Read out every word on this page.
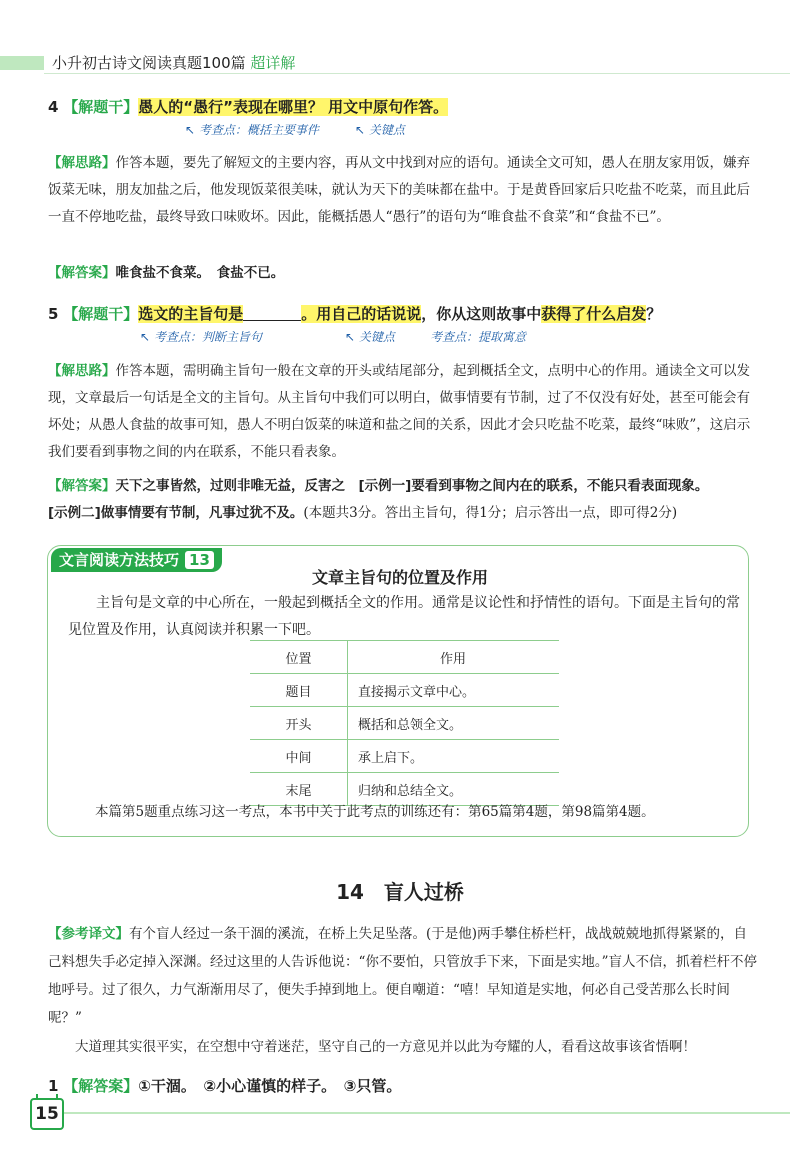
小升初古诗文阅读真题100篇 超详解
4 【解题干】愚人的“愚行”表现在哪里？ 用文中原句作答。
↖ 考查点：概括主要事件	↖ 关键点
【解思路】作答本题，要先了解短文的主要内容，再从文中找到对应的语句。通读全文可知，愚人在朋友家用饭，嫌弃饭菜无味，朋友加盐之后，他发现饭菜很美味，就认为天下的美味都在盐中。于是黄昏回家后只吃盐不吃菜，而且此后一直不停地吃盐，最终导致口味败坏。因此，能概括愚人“愚行”的语句为“唯食盐不食菜”和“食盐不已”。
【解答案】唯食盐不食菜。　食盐不已。
5 【解题干】选文的主旨句是	。用自己的话说说，你从这则故事中获得了什么启发？
↖ 考查点：判断主旨句	↖ 关键点	考查点：提取寓意
【解思路】作答本题，需明确主旨句一般在文章的开头或结尾部分，起到概括全文，点明中心的作用。通读全文可以发现，文章最后一句话是全文的主旨句。从主旨句中我们可以明白，做事情要有节制，过了不仅没有好处，甚至可能会有坏处；从愚人食盐的故事可知，愚人不明白饭菜的味道和盐之间的关系，因此才会只吃盐不吃菜，最终“味败”，这启示我们要看到事物之间的内在联系，不能只看表象。
【解答案】天下之事皆然，过则非唯无益，反害之　[示例一]要看到事物之间内在的联系，不能只看表面现象。
[示例二]做事情要有节制，凡事过犹不及。(本题共3分。答出主旨句，得1分；启示答出一点，即可得2分)
文言阅读方法技巧 13
文章主旨句的位置及作用
主旨句是文章的中心所在，一般起到概括全文的作用。通常是议论性和抒情性的语句。下面是主旨句的常见位置及作用，认真阅读并积累一下吧。
位置	作用
题目	直接揭示文章中心。
开头	概括和总领全文。
中间	承上启下。
末尾	归纳和总结全文。
本篇第5题重点练习这一考点，本书中关于此考点的训练还有：第65篇第4题，第98篇第4题。
14　盲人过桥
【参考译文】有个盲人经过一条干涸的溪流，在桥上失足坠落。(于是他)两手攀住桥栏杆，战战兢兢地抓得紧紧的，自己料想失手必定掉入深渊。经过这里的人告诉他说：“你不要怕，只管放手下来，下面是实地。”盲人不信，抓着栏杆不停地呼号。过了很久，力气渐渐用尽了，便失手掉到地上。便自嘲道：“嘻！早知道是实地，何必自己受苦那么长时间呢？”
大道理其实很平实，在空想中守着迷茫，坚守自己的一方意见并以此为夸耀的人，看看这故事该省悟啊！
1 【解答案】①干涸。　②小心谨慎的样子。　③只管。
15
